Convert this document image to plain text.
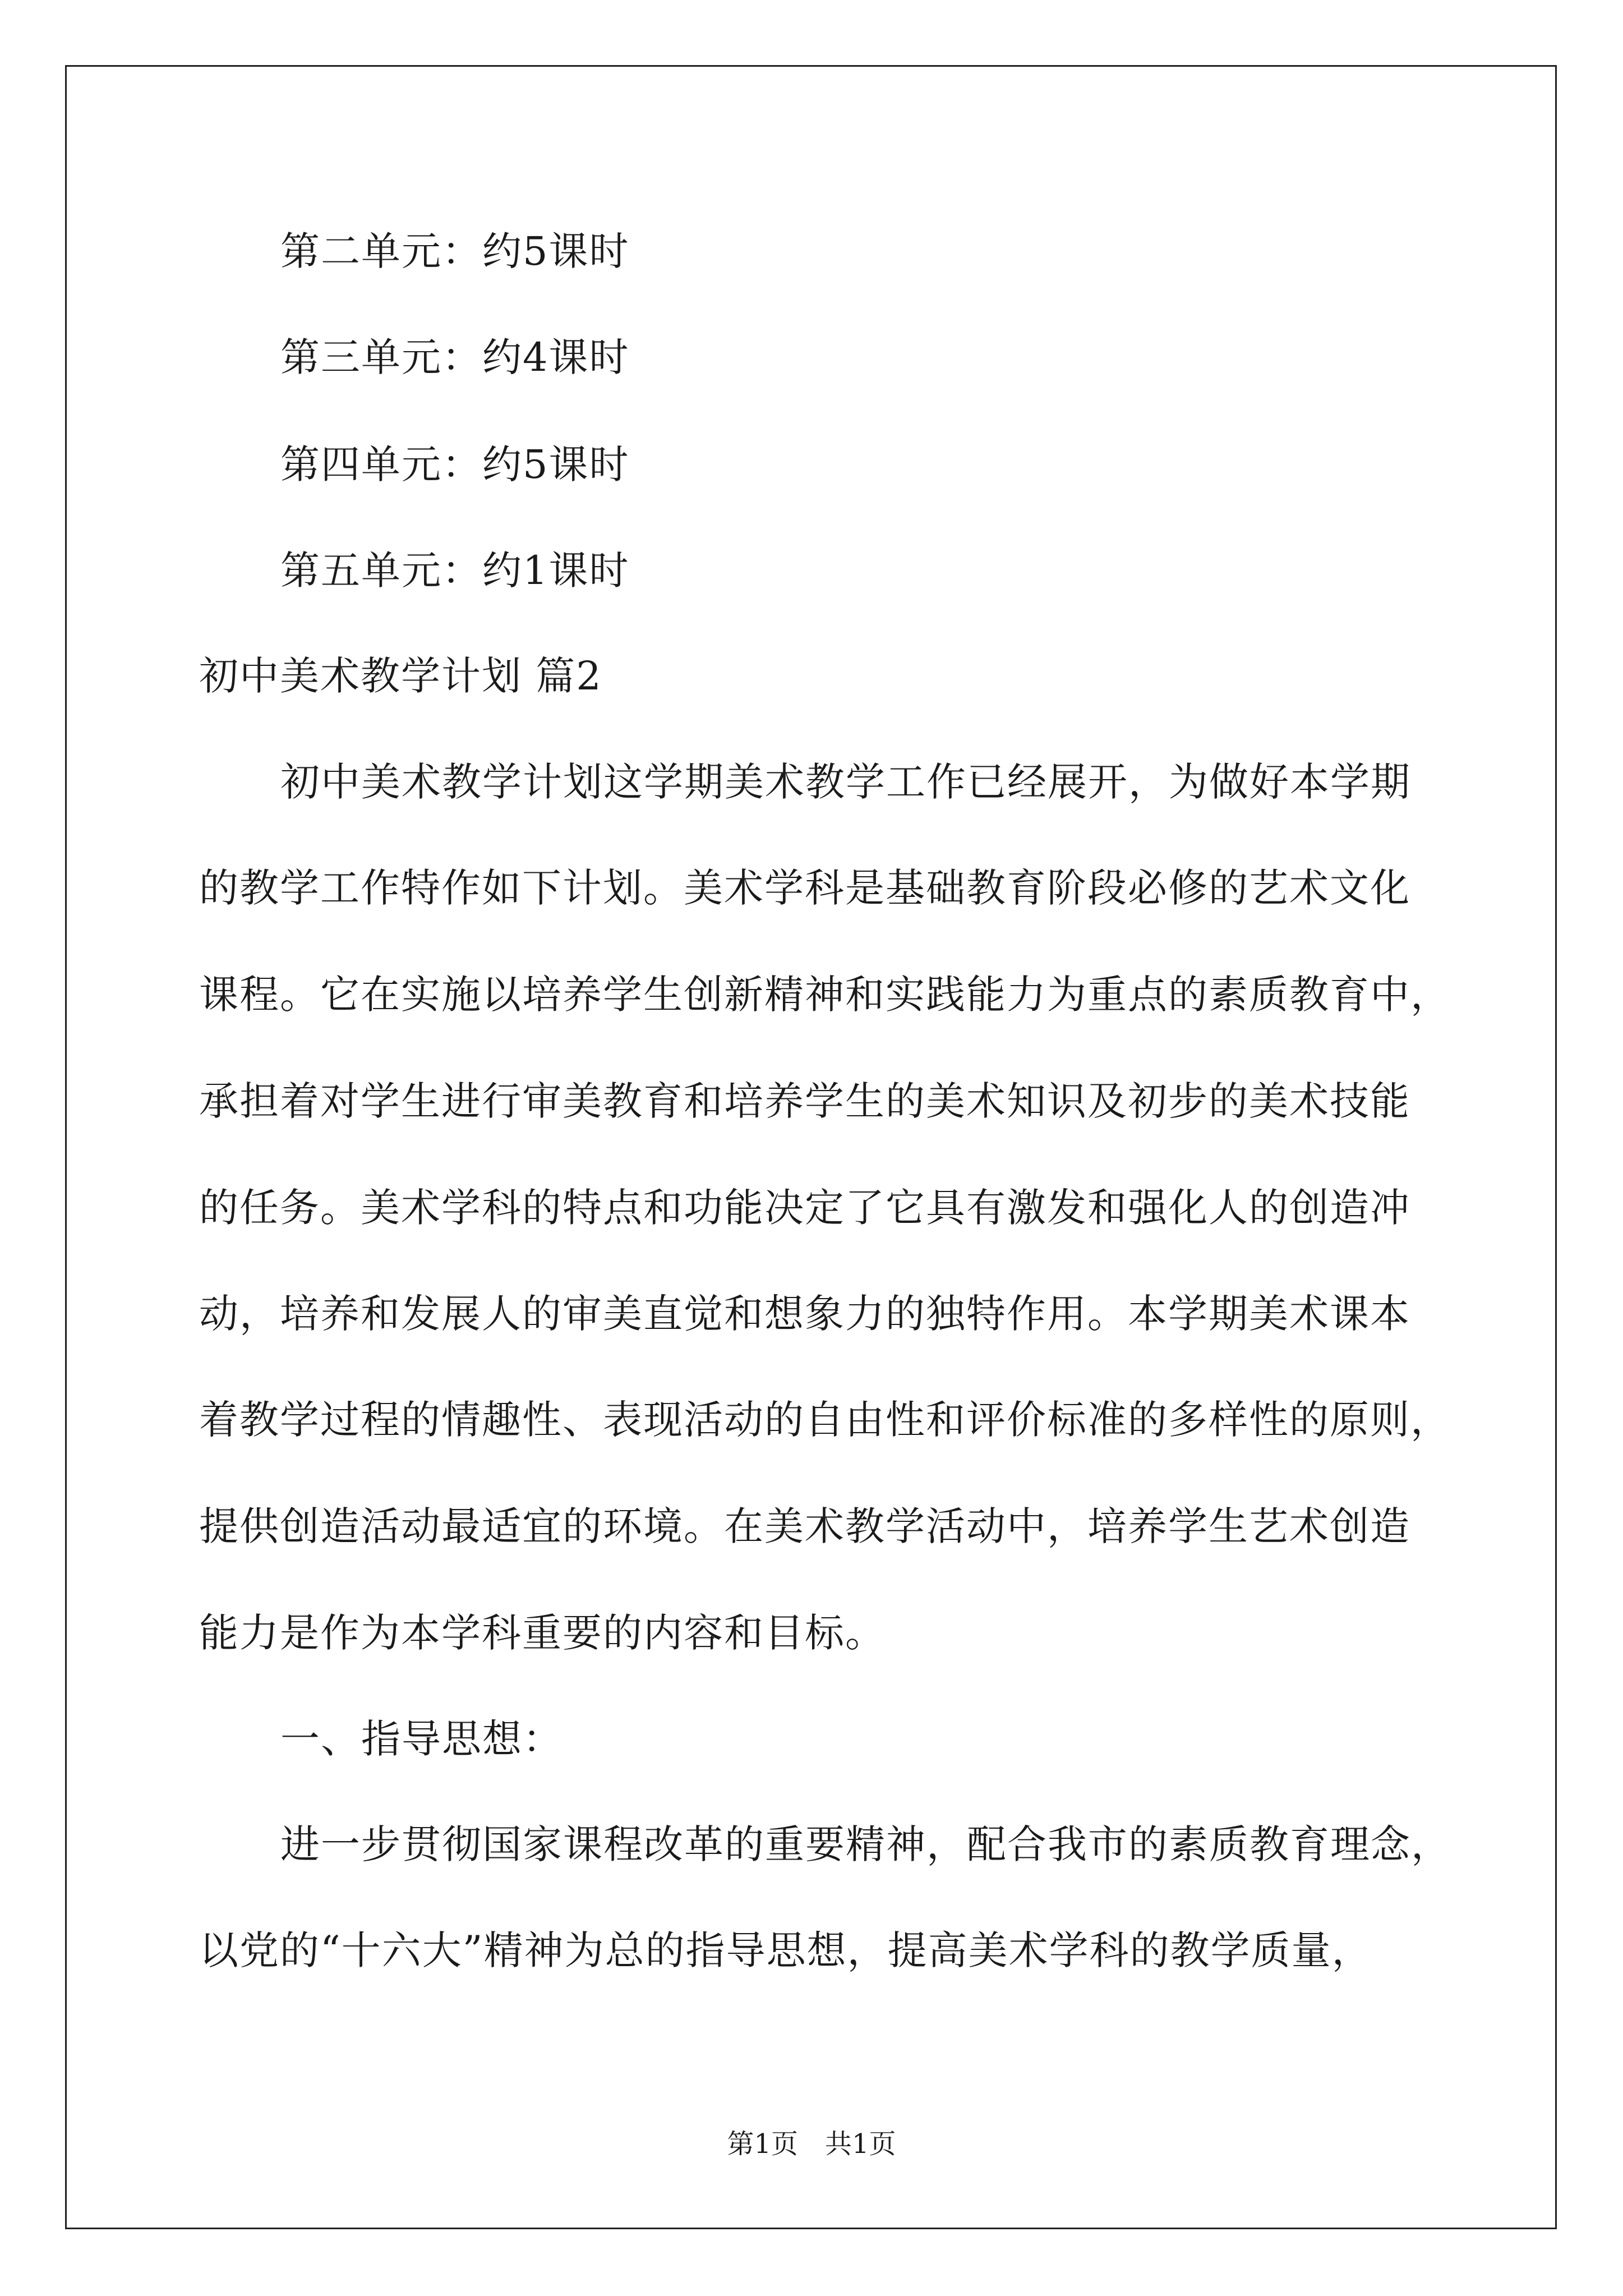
第二单元：约5课时
第三单元：约4课时
第四单元：约5课时
第五单元：约1课时
初中美术教学计划 篇2
初中美术教学计划这学期美术教学工作已经展开，为做好本学期
的教学工作特作如下计划。美术学科是基础教育阶段必修的艺术文化
课程。它在实施以培养学生创新精神和实践能力为重点的素质教育中，
承担着对学生进行审美教育和培养学生的美术知识及初步的美术技能
的任务。美术学科的特点和功能决定了它具有激发和强化人的创造冲
动，培养和发展人的审美直觉和想象力的独特作用。本学期美术课本
着教学过程的情趣性、表现活动的自由性和评价标准的多样性的原则，
提供创造活动最适宜的环境。在美术教学活动中，培养学生艺术创造
能力是作为本学科重要的内容和目标。
一、指导思想：
进一步贯彻国家课程改革的重要精神，配合我市的素质教育理念，
以党的“十六大”精神为总的指导思想，提高美术学科的教学质量，
第1页　共1页
